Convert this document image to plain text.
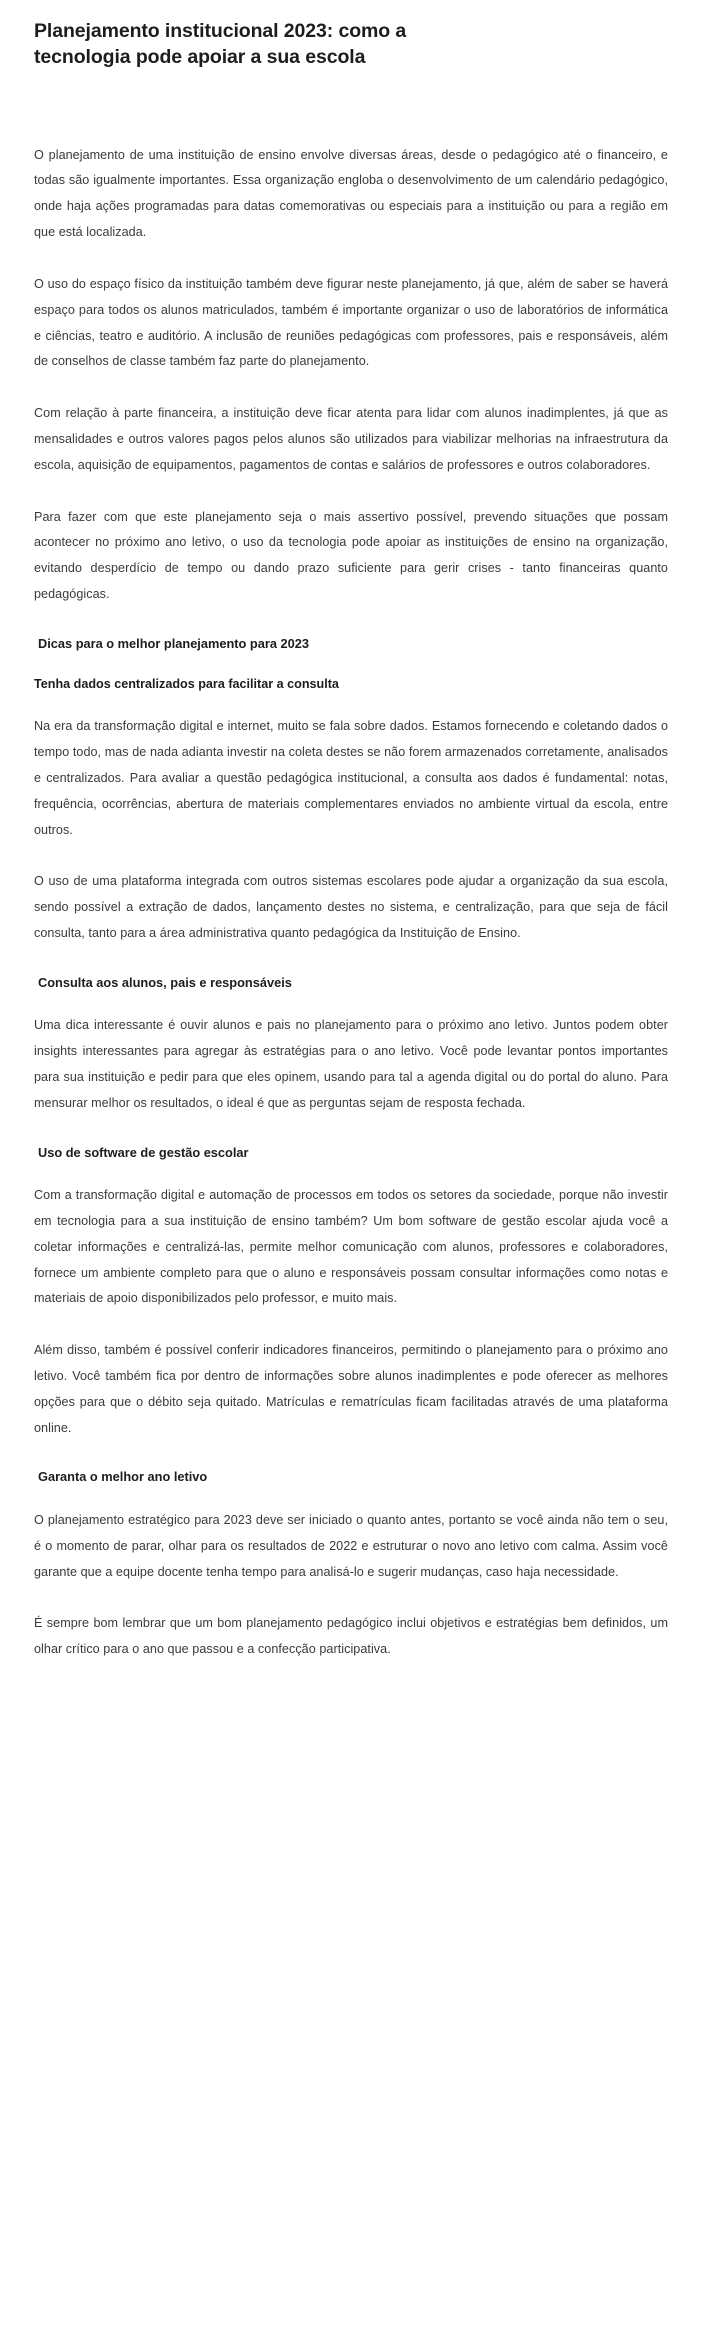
Planejamento institucional 2023: como a tecnologia pode apoiar a sua escola

O planejamento de uma instituição de ensino envolve diversas áreas, desde o pedagógico até o financeiro, e todas são igualmente importantes. Essa organização engloba o desenvolvimento de um calendário pedagógico, onde haja ações programadas para datas comemorativas ou especiais para a instituição ou para a região em que está localizada.

O uso do espaço físico da instituição também deve figurar neste planejamento, já que, além de saber se haverá espaço para todos os alunos matriculados, também é importante organizar o uso de laboratórios de informática e ciências, teatro e auditório. A inclusão de reuniões pedagógicas com professores, pais e responsáveis, além de conselhos de classe também faz parte do planejamento.

Com relação à parte financeira, a instituição deve ficar atenta para lidar com alunos inadimplentes, já que as mensalidades e outros valores pagos pelos alunos são utilizados para viabilizar melhorias na infraestrutura da escola, aquisição de equipamentos, pagamentos de contas e salários de professores e outros colaboradores.

Para fazer com que este planejamento seja o mais assertivo possível, prevendo situações que possam acontecer no próximo ano letivo, o uso da tecnologia pode apoiar as instituições de ensino na organização, evitando desperdício de tempo ou dando prazo suficiente para gerir crises - tanto financeiras quanto pedagógicas.

Dicas para o melhor planejamento para 2023
Tenha dados centralizados para facilitar a consulta

Na era da transformação digital e internet, muito se fala sobre dados. Estamos fornecendo e coletando dados o tempo todo, mas de nada adianta investir na coleta destes se não forem armazenados corretamente, analisados e centralizados. Para avaliar a questão pedagógica institucional, a consulta aos dados é fundamental: notas, frequência, ocorrências, abertura de materiais complementares enviados no ambiente virtual da escola, entre outros.

O uso de uma plataforma integrada com outros sistemas escolares pode ajudar a organização da sua escola, sendo possível a extração de dados, lançamento destes no sistema, e centralização, para que seja de fácil consulta, tanto para a área administrativa quanto pedagógica da Instituição de Ensino.

Consulta aos alunos, pais e responsáveis

Uma dica interessante é ouvir alunos e pais no planejamento para o próximo ano letivo. Juntos podem obter insights interessantes para agregar às estratégias para o ano letivo. Você pode levantar pontos importantes para sua instituição e pedir para que eles opinem, usando para tal a agenda digital ou do portal do aluno. Para mensurar melhor os resultados, o ideal é que as perguntas sejam de resposta fechada.

Uso de software de gestão escolar

Com a transformação digital e automação de processos em todos os setores da sociedade, porque não investir em tecnologia para a sua instituição de ensino também? Um bom software de gestão escolar ajuda você a coletar informações e centralizá-las, permite melhor comunicação com alunos, professores e colaboradores, fornece um ambiente completo para que o aluno e responsáveis possam consultar informações como notas e materiais de apoio disponibilizados pelo professor, e muito mais.

Além disso, também é possível conferir indicadores financeiros, permitindo o planejamento para o próximo ano letivo. Você também fica por dentro de informações sobre alunos inadimplentes e pode oferecer as melhores opções para que o débito seja quitado. Matrículas e rematrículas ficam facilitadas através de uma plataforma online.

Garanta o melhor ano letivo

O planejamento estratégico para 2023 deve ser iniciado o quanto antes, portanto se você ainda não tem o seu, é o momento de parar, olhar para os resultados de 2022 e estruturar o novo ano letivo com calma. Assim você garante que a equipe docente tenha tempo para analisá-lo e sugerir mudanças, caso haja necessidade.

É sempre bom lembrar que um bom planejamento pedagógico inclui objetivos e estratégias bem definidos, um olhar crítico para o ano que passou e a confecção participativa.
